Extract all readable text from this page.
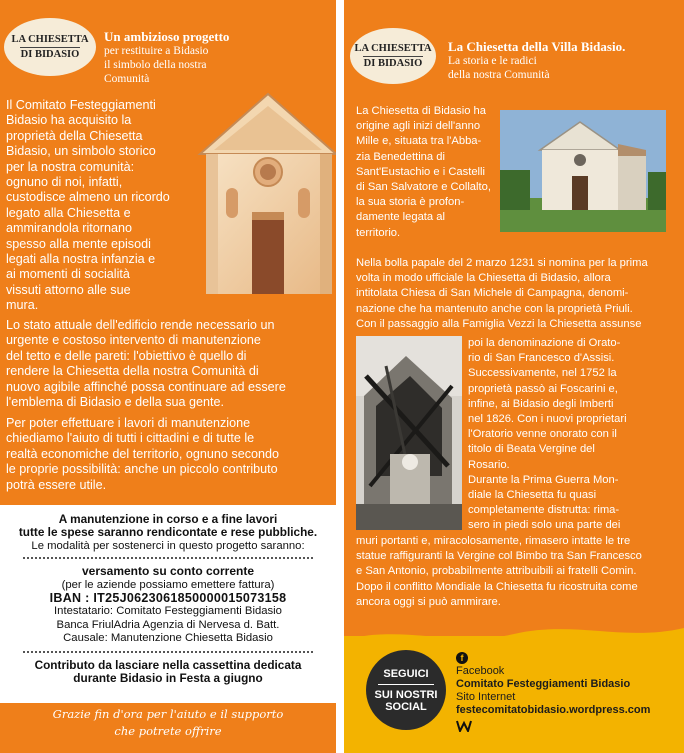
LA CHIESETTA
DI BIDASIO
Un ambizioso progetto
per restituire a Bidasio
il simbolo della nostra
Comunità
Il Comitato Festeggiamenti
Bidasio ha acquisito la
proprietà della Chiesetta
Bidasio, un simbolo storico
per la nostra comunità:
ognuno di noi, infatti,
custodisce almeno un ricordo
legato alla Chiesetta e
ammirandola ritornano
spesso alla mente episodi
legati alla nostra infanzia e
ai momenti di socialità
vissuti attorno alle sue
mura.
Lo stato attuale dell'edificio rende necessario un
urgente e costoso intervento di manutenzione
del tetto e delle pareti: l'obiettivo è quello di
rendere la Chiesetta della nostra Comunità di
nuovo agibile affinché possa continuare ad essere
l'emblema di Bidasio e della sua gente.
Per poter effettuare i lavori di manutenzione
chiediamo l'aiuto di tutti i cittadini e di tutte le
realtà economiche del territorio, ognuno secondo
le proprie possibilità: anche un piccolo contributo
potrà essere utile.

A manutenzione in corso e a fine lavori

tutte le spese saranno rendicontate e rese pubbliche.

Le modalità per sostenerci in questo progetto saranno:

versamento su conto corrente

(per le aziende possiamo emettere fattura)

IBAN : IT25J0623061850000015073158

Intestatario: Comitato Festeggiamenti Bidasio

Banca FriulAdria Agenzia di Nervesa d. Batt.

Causale: Manutenzione Chiesetta Bidasio

Contributo da lasciare nella cassettina dedicata

durante Bidasio in Festa a giugno

Grazie fin d'ora per l'aiuto e il supporto
che potrete offrire
LA CHIESETTA
DI BIDASIO
La Chiesetta della Villa Bidasio.
La storia e le radici
della nostra Comunità
La Chiesetta di Bidasio ha
origine agli inizi dell'anno
Mille e, situata tra l'Abba-
zia Benedettina di
Sant'Eustachio e i Castelli
di San Salvatore e Collalto,
la sua storia è profon-
damente legata al
territorio.
Nella bolla papale del 2 marzo 1231 si nomina per la prima
volta in modo ufficiale la Chiesetta di Bidasio, allora
intitolata Chiesa di San Michele di Campagna, denomi-
nazione che ha mantenuto anche con la proprietà Priuli.
Con il passaggio alla Famiglia Vezzi la Chiesetta assunse
poi la denominazione di Orato-
rio di San Francesco d'Assisi.
Successivamente, nel 1752 la
proprietà passò ai Foscarini e,
infine, ai Bidasio degli Imberti
nel 1826. Con i nuovi proprietari
l'Oratorio venne onorato con il
titolo di Beata Vergine del
Rosario.
Durante la Prima Guerra Mon-
diale la Chiesetta fu quasi
completamente distrutta: rima-
sero in piedi solo una parte dei
muri portanti e, miracolosamente, rimasero intatte le tre
statue raffiguranti la Vergine col Bimbo tra San Francesco
e San Antonio, probabilmente attribuibili ai fratelli Comin.
Dopo il conflitto Mondiale la Chiesetta fu ricostruita come
ancora oggi si può ammirare.
SEGUICI
SUI NOSTRI
SOCIAL
f
Facebook
Comitato Festeggiamenti Bidasio
Sito Internet
festecomitatobidasio.wordpress.com
